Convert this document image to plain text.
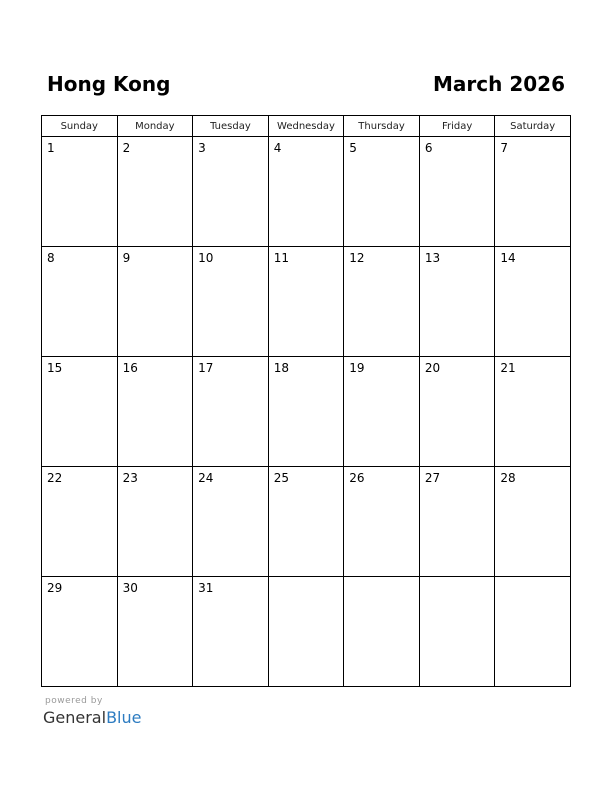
Hong Kong	March 2026
Sunday	Monday	Tuesday	Wednesday	Thursday	Friday	Saturday

1	2	3	4	5	6	7

8	9	10	11	12	13	14

15	16	17	18	19	20	21

22	23	24	25	26	27	28

29	30	31				

powered by
GeneralBlue
